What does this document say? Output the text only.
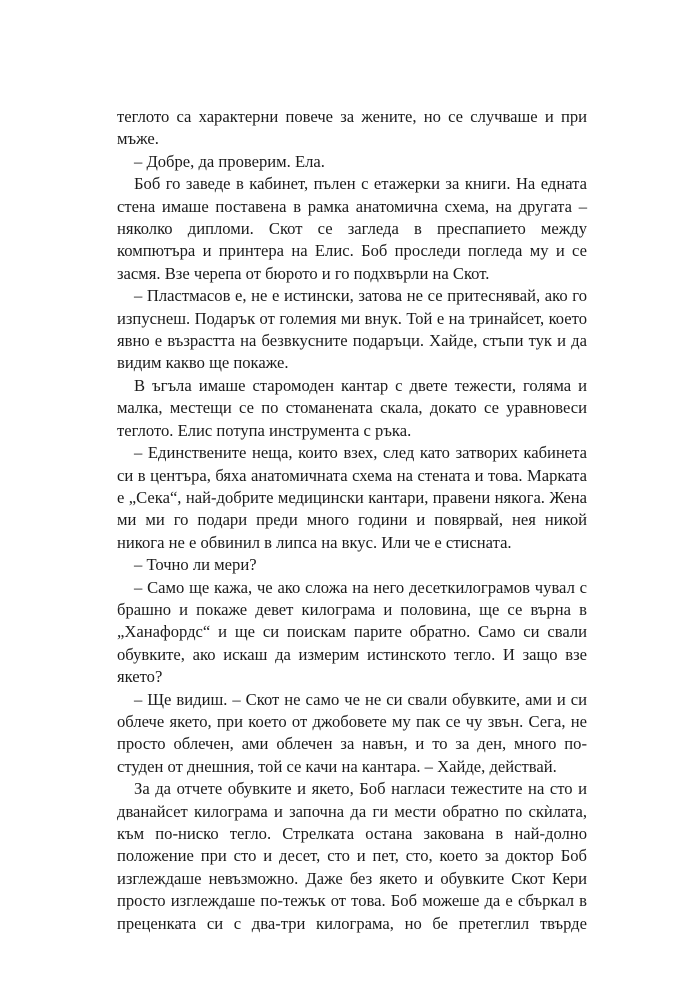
теглото са характерни повече за жените, но се случваше и при мъже.

– Добре, да проверим. Ела.

Боб го заведе в кабинет, пълен с етажерки за книги. На едната стена имаше поставена в рамка анатомична схема, на другата – няколко дипломи. Скот се загледа в преспапието между компютъра и принтера на Елис. Боб проследи погледа му и се засмя. Взе черепа от бюрото и го подхвърли на Скот.

– Пластмасов е, не е истински, затова не се притеснявай, ако го изпуснеш. Подарък от големия ми внук. Той е на тринайсет, което явно е възрастта на безвкусните подаръци. Хайде, стъпи тук и да видим какво ще покаже.

В ъгъла имаше старомоден кантар с двете тежести, голяма и малка, местещи се по стоманената скала, докато се уравновеси теглото. Елис потупа инструмента с ръка.

– Единствените неща, които взех, след като затворих кабинета си в центъра, бяха анатомичната схема на стената и това. Марката е „Сека“, най-добрите медицински кантари, правени някога. Жена ми ми го подари преди много години и повярвай, нея никой никога не е обвинил в липса на вкус. Или че е стисната.

– Точно ли мери?

– Само ще кажа, че ако сложа на него десеткилограмов чувал с брашно и покаже девет килограма и половина, ще се върна в „Ханафордс“ и ще си поискам парите обратно. Само си свали обувките, ако искаш да измерим истинското тегло. И защо взе якето?

– Ще видиш. – Скот не само че не си свали обувките, ами и си облече якето, при което от джобовете му пак се чу звън. Сега, не просто облечен, ами облечен за навън, и то за ден, много по-студен от днешния, той се качи на кантара. – Хайде, действай.

За да отчете обувките и якето, Боб нагласи тежестите на сто и дванайсет килограма и започна да ги мести обратно по скѝлата, към по-ниско тегло. Стрелката остана закована в най-долно положение при сто и десет, сто и пет, сто, което за доктор Боб изглеждаше невъзможно. Даже без якето и обувките Скот Кери просто изглеждаше по-тежък от това. Боб можеше да е сбъркал в преценката си с два-три килограма, но бе претеглил твърде
